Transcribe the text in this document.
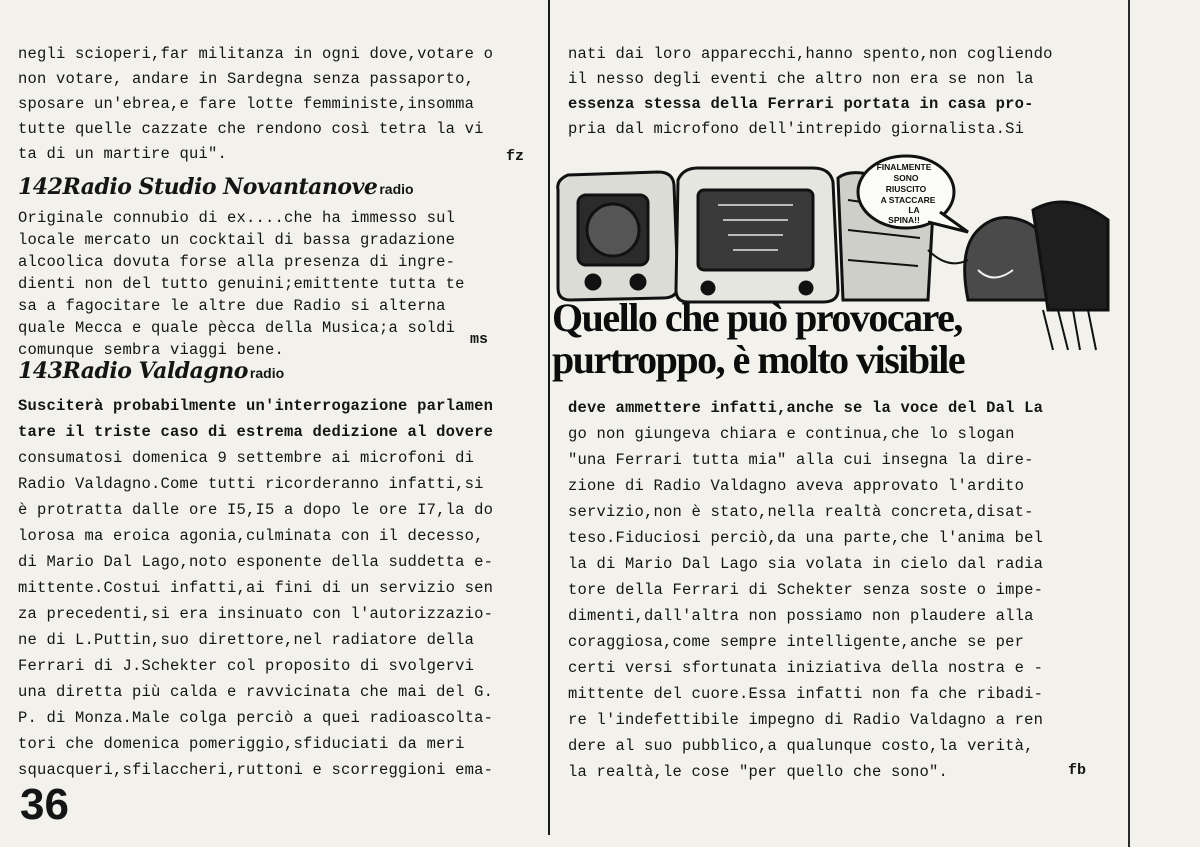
negli scioperi,far militanza in ogni dove,votare o
non votare, andare in Sardegna senza passaporto,
sposare un'ebrea,e fare lotte femministe,insomma
tutte quelle cazzate che rendono così tetra la vi
ta di un martire qui".	fz
142Radio Studio Novantanove radio
Originale connubio di ex....che ha immesso sul
locale mercato un cocktail di bassa gradazione
alcoolica dovuta forse alla presenza di ingre-
dienti non del tutto genuini;emittente tutta te
sa a fagocitare le altre due Radio si alterna
quale Mecca e quale pècca della Musica;a soldi
comunque sembra viaggi bene.
ms
143Radio Valdagno radio
Susciterà probabilmente un'interrogazione parlamen
tare il triste caso di estrema dedizione al dovere
consumatosi domenica 9 settembre ai microfoni di
Radio Valdagno.Come tutti ricorderanno infatti,si
è protratta dalle ore I5,I5 a dopo le ore I7,la do
lorosa ma eroica agonia,culminata con il decesso,
di Mario Dal Lago,noto esponente della suddetta e-
mittente.Costui infatti,ai fini di un servizio sen
za precedenti,si era insinuato con l'autorizzazio-
ne di L.Puttin,suo direttore,nel radiatore della
Ferrari di J.Schekter col proposito di svolgervi
una diretta più calda e ravvicinata che mai del G.
P. di Monza.Male colga perciò a quei radioascolta-
tori che domenica pomeriggio,sfiduciati da meri
squacqueri,sfilaccheri,ruttoni e scorreggioni ema-
36
nati dai loro apparecchi,hanno spento,non cogliendo
il nesso degli eventi che altro non era se non la
essenza stessa della Ferrari portata in casa pro-
pria dal microfono dell'intrepido giornalista.Si
FINALMENTE
SONO
RIUSCITO
A STACCARE
LA
SPINA!!
Quello che può provocare,
purtroppo, è molto visibile
deve ammettere infatti,anche se la voce del Dal La
go non giungeva chiara e continua,che lo slogan
"una Ferrari tutta mia" alla cui insegna la dire-
zione di Radio Valdagno aveva approvato l'ardito
servizio,non è stato,nella realtà concreta,disat-
teso.Fiduciosi perciò,da una parte,che l'anima bel
la di Mario Dal Lago sia volata in cielo dal radia
tore della Ferrari di Schekter senza soste o impe-
dimenti,dall'altra non possiamo non plaudere alla
coraggiosa,come sempre intelligente,anche se per
certi versi sfortunata iniziativa della nostra e -
mittente del cuore.Essa infatti non fa che ribadi-
re l'indefettibile impegno di Radio Valdagno a ren
dere al suo pubblico,a qualunque costo,la verità,
la realtà,le cose "per quello che sono".	fb
